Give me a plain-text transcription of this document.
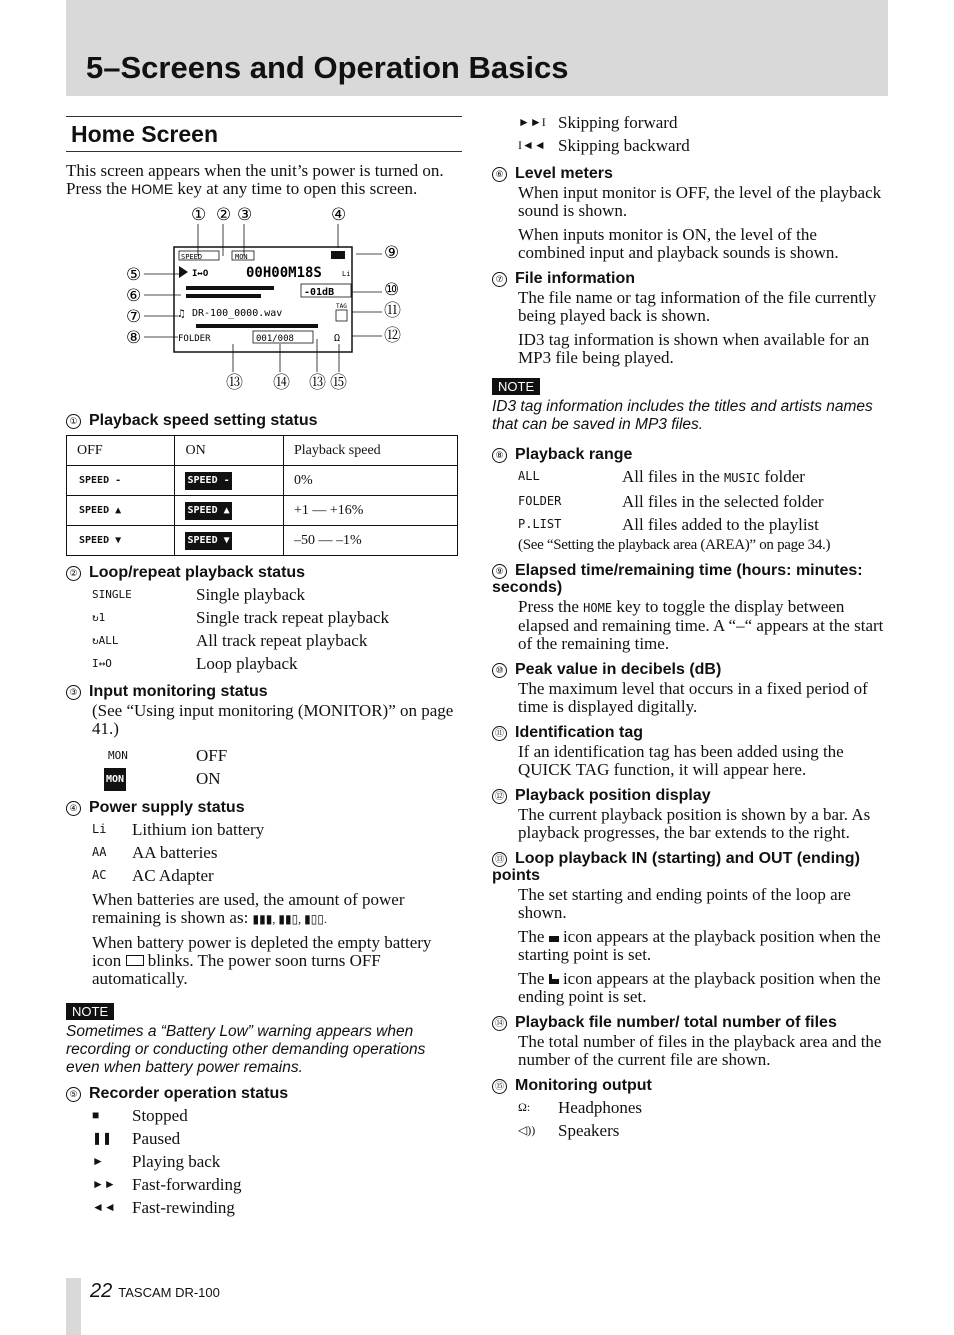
5–Screens and Operation Basics
Home Screen

This screen appears when the unit’s power is turned on. Press the HOME key at any time to open this screen.

① ② ③	④
⑤
⑥
⑦
⑧
⑨
⑩
⑪
⑫
⑬ ⑭ ⑬ ⑮
SPEED	MON
I↔O	00H00M18S	Li
-01dB
♫ DR-100_0000.wav
TAG
FOLDER	001/008	Ω
① Playback speed setting status
OFF	ON	Playback speed
SPEED -	SPEED -	0%
SPEED ▲	SPEED ▲	+1 — +16%
SPEED ▼	SPEED ▼	–50 — –1%
② Loop/repeat playback status
SINGLE	Single playback
↻1	Single track repeat playback
↻ALL	All track repeat playback
I↔O	Loop playback
③ Input monitoring status

(See “Using input monitoring (MONITOR)” on page 41.)

MON	OFF
MON	ON
④ Power supply status
Li	Lithium ion battery
AA	AA batteries
AC	AC Adapter

When batteries are used, the amount of power remaining is shown as: ▮▮▮, ▮▮▯, ▮▯▯.

When battery power is depleted the empty battery icon  blinks. The power soon turns OFF automatically.

NOTE

Sometimes a “Battery Low” warning appears when recording or conducting other demanding operations even when battery power remains.

⑤ Recorder operation status
■	Stopped
❚❚	Paused
►	Playing back
►► Fast-forwarding
◄◄ Fast-rewinding
►►I Skipping forward
I◄◄ Skipping backward
⑥ Level meters

When input monitor is OFF, the level of the playback sound is shown.

When inputs monitor is ON, the level of the combined input and playback sounds is shown.

⑦ File information

The file name or tag information of the file currently being played back is shown.

ID3 tag information is shown when available for an MP3 file being played.

NOTE

ID3 tag information includes the titles and artists names that can be saved in MP3 files.

⑧ Playback range
ALL	All files in the MUSIC folder
FOLDER	All files in the selected folder
P.LIST	All files added to the playlist

(See “Setting the playback area (AREA)” on page 34.)

⑨ Elapsed time/remaining time (hours: minutes: seconds)

Press the HOME key to toggle the display between elapsed and remaining time. A “–“ appears at the start of the remaining time.

⑩ Peak value in decibels (dB)

The maximum level that occurs in a fixed period of time is displayed digitally.

⑪ Identification tag

If an identification tag has been added using the QUICK TAG function, it will appear here.

⑫ Playback position display

The current playback position is shown by a bar. As playback progresses, the bar extends to the right.

⑬ Loop playback IN (starting) and OUT (ending) points

The set starting and ending points of the loop are shown.

The  icon appears at the playback position when the starting point is set.

The  icon appears at the playback position when the ending point is set.

⑭ Playback file number/ total number of files

The total number of files in the playback area and the number of the current file are shown.

⑮ Monitoring output
Ω:	Headphones
◁))	Speakers
22 TASCAM DR-100
